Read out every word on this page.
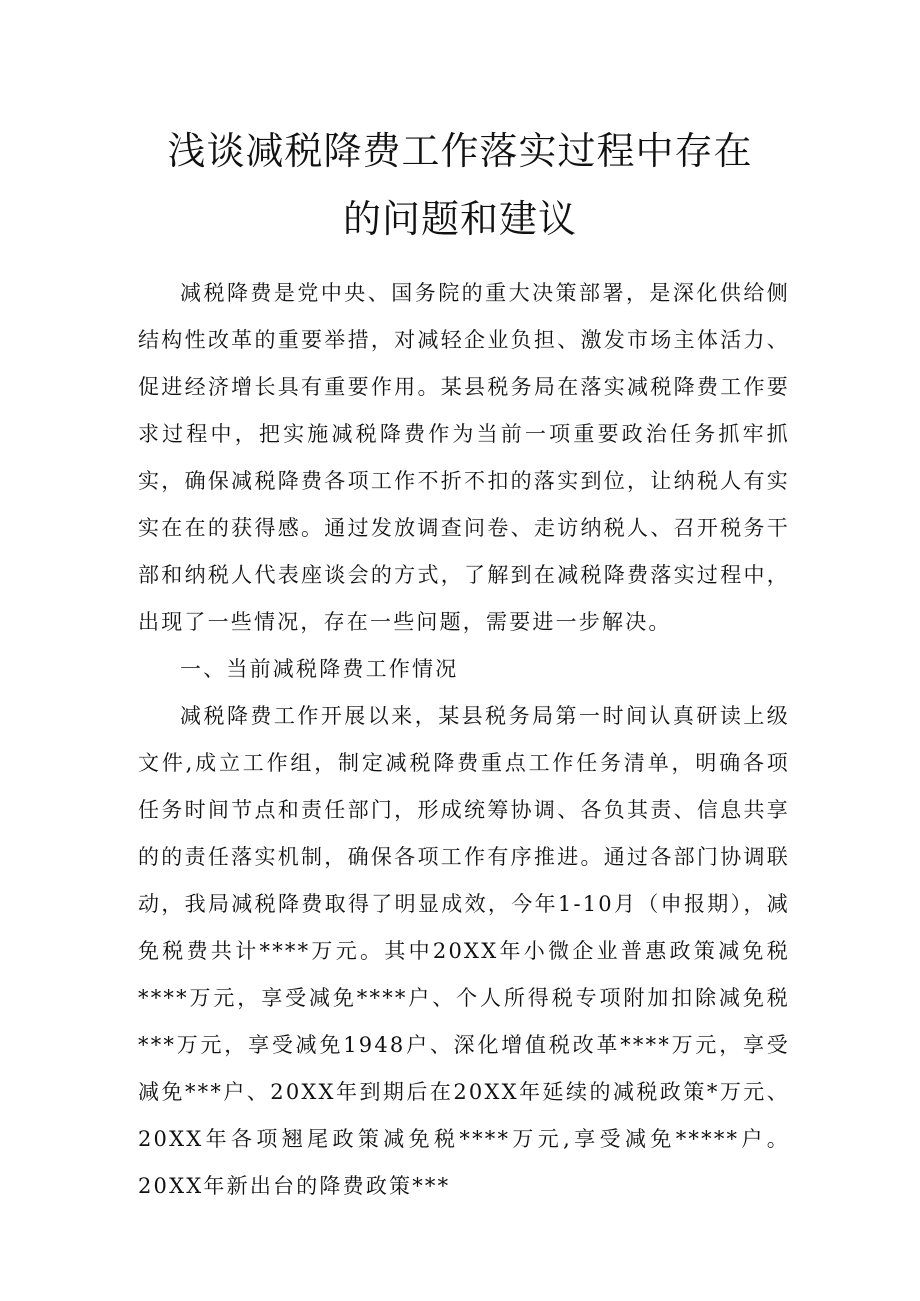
浅谈减税降费工作落实过程中存在
的问题和建议

减税降费是党中央、国务院的重大决策部署，是深化供给侧结构性改革的重要举措，对减轻企业负担、激发市场主体活力、促进经济增长具有重要作用。某县税务局在落实减税降费工作要求过程中，把实施减税降费作为当前一项重要政治任务抓牢抓实，确保减税降费各项工作不折不扣的落实到位，让纳税人有实实在在的获得感。通过发放调查问卷、走访纳税人、召开税务干部和纳税人代表座谈会的方式，了解到在减税降费落实过程中，出现了一些情况，存在一些问题，需要进一步解决。

一、当前减税降费工作情况

减税降费工作开展以来，某县税务局第一时间认真研读上级文件,成立工作组，制定减税降费重点工作任务清单，明确各项任务时间节点和责任部门，形成统筹协调、各负其责、信息共享的的责任落实机制，确保各项工作有序推进。通过各部门协调联动，我局减税降费取得了明显成效，今年1-10月（申报期），减免税费共计****万元。其中20XX年小微企业普惠政策减免税****万元，享受减免****户、个人所得税专项附加扣除减免税***万元，享受减免1948户、深化增值税改革****万元，享受减免***户、20XX年到期后在20XX年延续的减税政策*万元、20XX年各项翘尾政策减免税****万元,享受减免*****户。20XX年新出台的降费政策***
